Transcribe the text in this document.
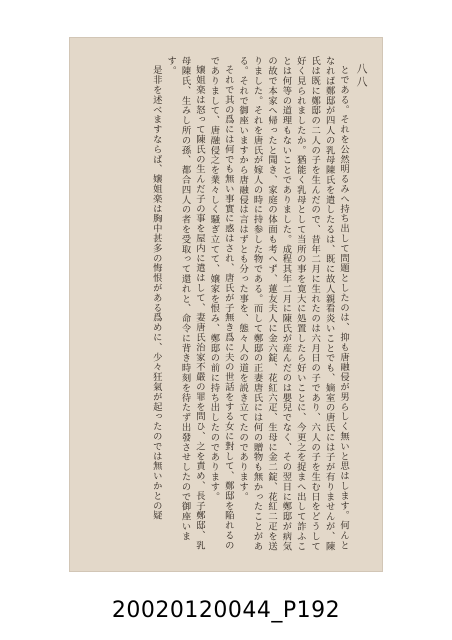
八八

とである。それを公然明るみへ持ち出して問題としたのは、抑も唐融侵が男らしく無いと思はします。何んとなれば鄭邸が四人の乳母陳氏を遣したるは、既に故人親看炎いことでも、嫡室の唐氏には子が有りませんが、陳氏は既に鄭邸の二人の子を生んだので、昔年二月に生れたのは六月日の子であり、六人の子を生む日をどうして好く見られましたか。猶能く乳母として当所の事を寛大に処置したら好いことに、今更之を捉まへ出して詐ふことは何等の道理もないことでありました。成程其年二月に陳氏が産んだのは嬰兒でなく、その翌日に鄭邸が病気の故で本家へ帰ったと聞き、家庭の体面も考へず、蓮友夫人に金六錠、花紅六疋、生母に金二錠、花紅二疋を送りました。それを唐氏が嫁人の時に持参した物である。而して鄭邸の正妻唐氏には何の贈物も無かったことがある。それで御座いますから唐融侵は言はずとも分った事を、態々人の道を説き立てたのであります。

それで其の爲には何でも無い事實に惑はされ、唐氏が子無き爲に夫の世話をする女に對して、鄭邸を陥れるのでありまして、唐融侵之を業々しく騒ぎ立てて、嬢家を恨み、鄭邸の前に持ち出したのであります。

嬢姐楽は怒って陳氏の生んだ子の事を屋内に遣はして、妻唐氏治家不嚴の罪を問ひ、之を責め、長子鄭邸、乳母陳氏、生みし所の孫、都合四人の者を受取って還れと、命令に背き時刻を待たず出發させしたので御座います。

是非を述べますならば、嬢姐楽は胸中甚多の悔恨がある爲めに、少々狂氣が起ったのでは無いかとの疑

20020120044_P192
